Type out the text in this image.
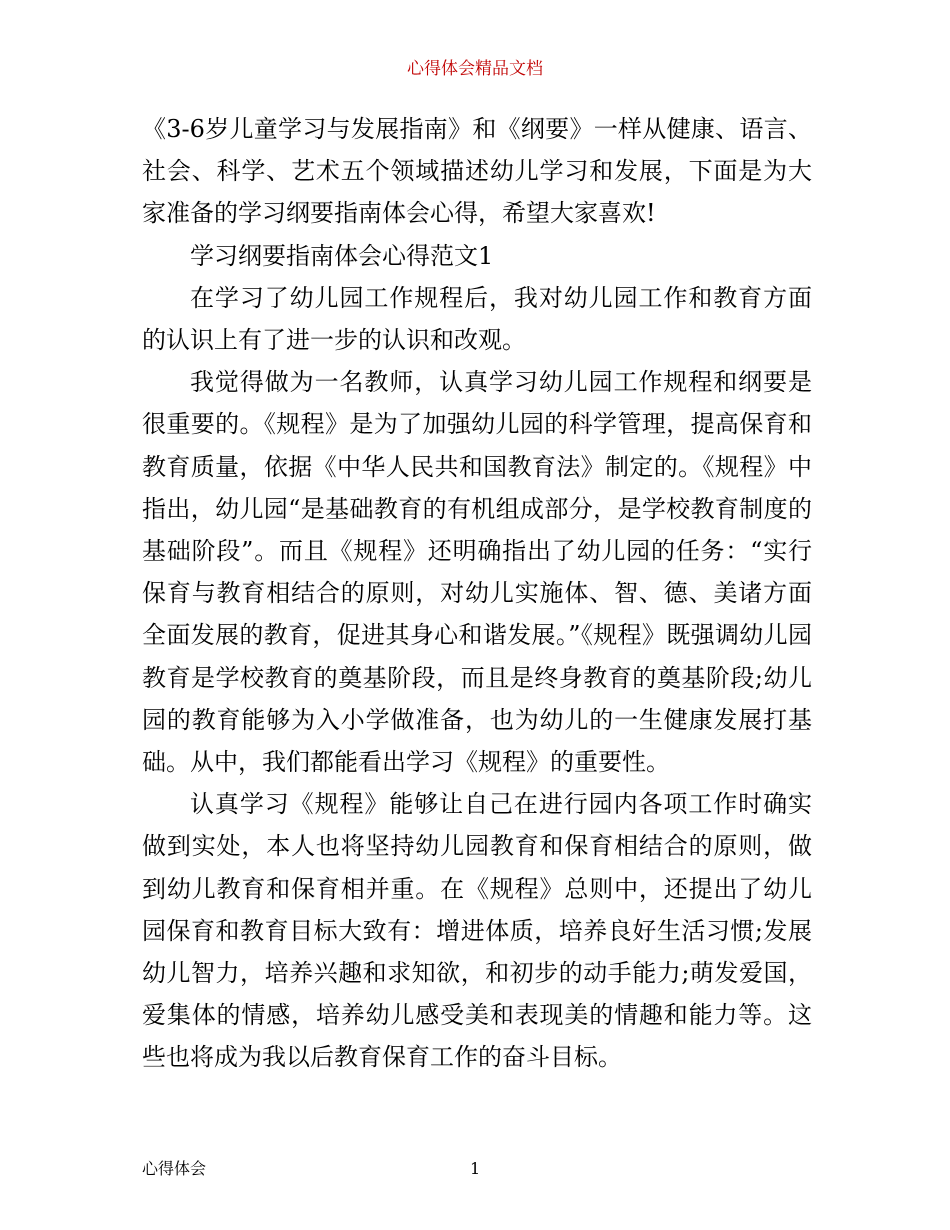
心得体会精品文档

《3-6岁儿童学习与发展指南》和《纲要》一样从健康、语言、社会、科学、艺术五个领域描述幼儿学习和发展，下面是为大家准备的学习纲要指南体会心得，希望大家喜欢!

学习纲要指南体会心得范文1

在学习了幼儿园工作规程后，我对幼儿园工作和教育方面的认识上有了进一步的认识和改观。

我觉得做为一名教师，认真学习幼儿园工作规程和纲要是很重要的。《规程》是为了加强幼儿园的科学管理，提高保育和教育质量，依据《中华人民共和国教育法》制定的。《规程》中指出，幼儿园“是基础教育的有机组成部分，是学校教育制度的基础阶段”。而且《规程》还明确指出了幼儿园的任务：“实行保育与教育相结合的原则，对幼儿实施体、智、德、美诸方面全面发展的教育，促进其身心和谐发展。”《规程》既强调幼儿园教育是学校教育的奠基阶段，而且是终身教育的奠基阶段;幼儿园的教育能够为入小学做准备，也为幼儿的一生健康发展打基础。从中，我们都能看出学习《规程》的重要性。

认真学习《规程》能够让自己在进行园内各项工作时确实做到实处，本人也将坚持幼儿园教育和保育相结合的原则，做到幼儿教育和保育相并重。在《规程》总则中，还提出了幼儿园保育和教育目标大致有：增进体质，培养良好生活习惯;发展幼儿智力，培养兴趣和求知欲，和初步的动手能力;萌发爱国，爱集体的情感，培养幼儿感受美和表现美的情趣和能力等。这些也将成为我以后教育保育工作的奋斗目标。

心得体会	1
